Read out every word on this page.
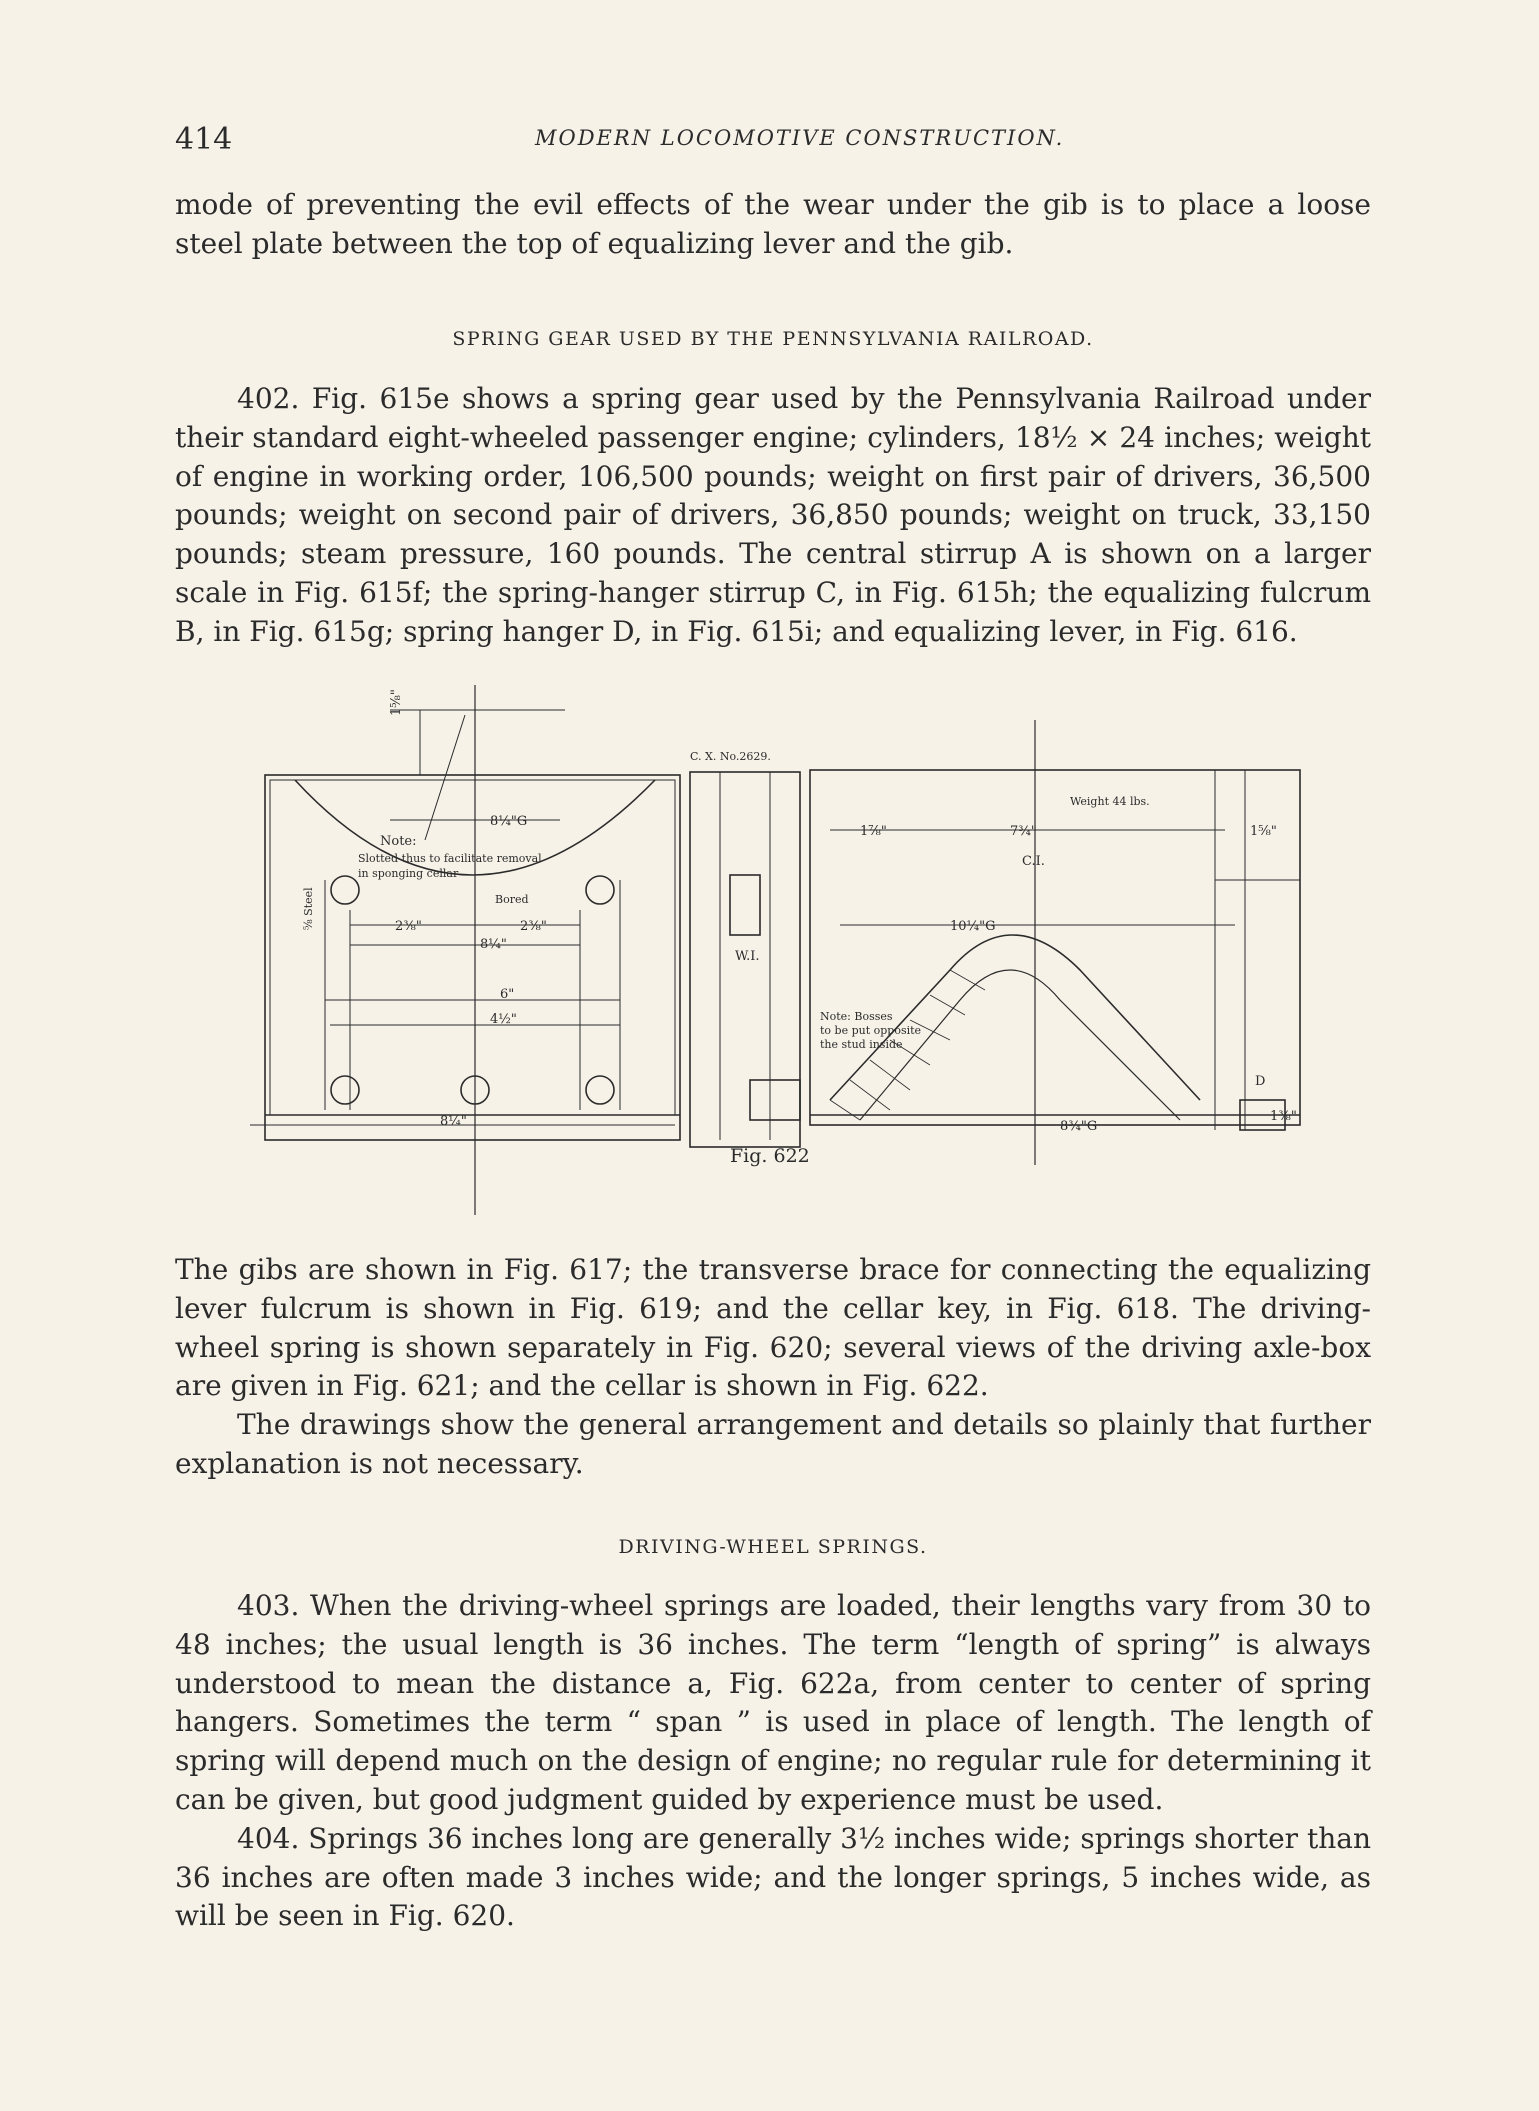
414	MODERN LOCOMOTIVE CONSTRUCTION.

mode of preventing the evil effects of the wear under the gib is to place a loose steel plate between the top of equalizing lever and the gib.

SPRING GEAR USED BY THE PENNSYLVANIA RAILROAD.

402. Fig. 615e shows a spring gear used by the Pennsylvania Railroad under their standard eight-wheeled passenger engine; cylinders, 18½ × 24 inches; weight of engine in working order, 106,500 pounds; weight on first pair of drivers, 36,500 pounds; weight on second pair of drivers, 36,850 pounds; weight on truck, 33,150 pounds; steam pressure, 160 pounds. The central stirrup A is shown on a larger scale in Fig. 615f; the spring-hanger stirrup C, in Fig. 615h; the equalizing fulcrum B, in Fig. 615g; spring hanger D, in Fig. 615i; and equalizing lever, in Fig. 616.

C. X. No.2629.
Weight 44 lbs.
Note:
Slotted thus to facilitate removal
in sponging cellar
Bored
⅝ Steel
Note: Bosses
to be put opposite
the stud inside
W.I.
C.I.
D
1⅝"
8¼"G
2⅜"	2⅜"
8¼"
6"
4½"
8¼"
1⅞"	7¾"
10¼"G
1⅝"
8¾"G
1⅜"
Fig. 622

The gibs are shown in Fig. 617; the transverse brace for connecting the equalizing lever fulcrum is shown in Fig. 619; and the cellar key, in Fig. 618. The driving-wheel spring is shown separately in Fig. 620; several views of the driving axle-box are given in Fig. 621; and the cellar is shown in Fig. 622.

The drawings show the general arrangement and details so plainly that further explanation is not necessary.

DRIVING-WHEEL SPRINGS.

403. When the driving-wheel springs are loaded, their lengths vary from 30 to 48 inches; the usual length is 36 inches. The term “length of spring” is always understood to mean the distance a, Fig. 622a, from center to center of spring hangers. Sometimes the term “ span ” is used in place of length. The length of spring will depend much on the design of engine; no regular rule for determining it can be given, but good judgment guided by experience must be used.

404. Springs 36 inches long are generally 3½ inches wide; springs shorter than 36 inches are often made 3 inches wide; and the longer springs, 5 inches wide, as will be seen in Fig. 620.
